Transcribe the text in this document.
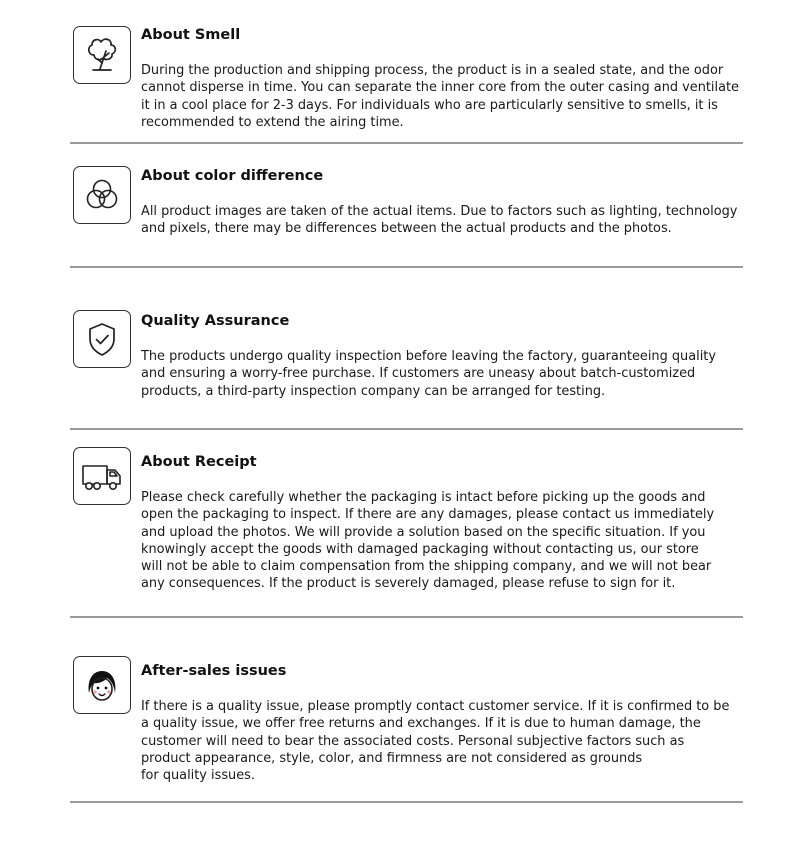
About Smell
During the production and shipping process, the product is in a sealed state, and the odor
cannot disperse in time. You can separate the inner core from the outer casing and ventilate
it in a cool place for 2-3 days. For individuals who are particularly sensitive to smells, it is
recommended to extend the airing time.
About color difference
All product images are taken of the actual items. Due to factors such as lighting, technology
and pixels, there may be differences between the actual products and the photos.
Quality Assurance
The products undergo quality inspection before leaving the factory, guaranteeing quality
and ensuring a worry-free purchase. If customers are uneasy about batch-customized
products, a third-party inspection company can be arranged for testing.
About Receipt
Please check carefully whether the packaging is intact before picking up the goods and
open the packaging to inspect. If there are any damages, please contact us immediately
and upload the photos. We will provide a solution based on the specific situation. If you
knowingly accept the goods with damaged packaging without contacting us, our store
will not be able to claim compensation from the shipping company, and we will not bear
any consequences. If the product is severely damaged, please refuse to sign for it.
After-sales issues
If there is a quality issue, please promptly contact customer service. If it is confirmed to be
a quality issue, we offer free returns and exchanges. If it is due to human damage, the
customer will need to bear the associated costs. Personal subjective factors such as
product appearance, style, color, and firmness are not considered as grounds
for quality issues.
